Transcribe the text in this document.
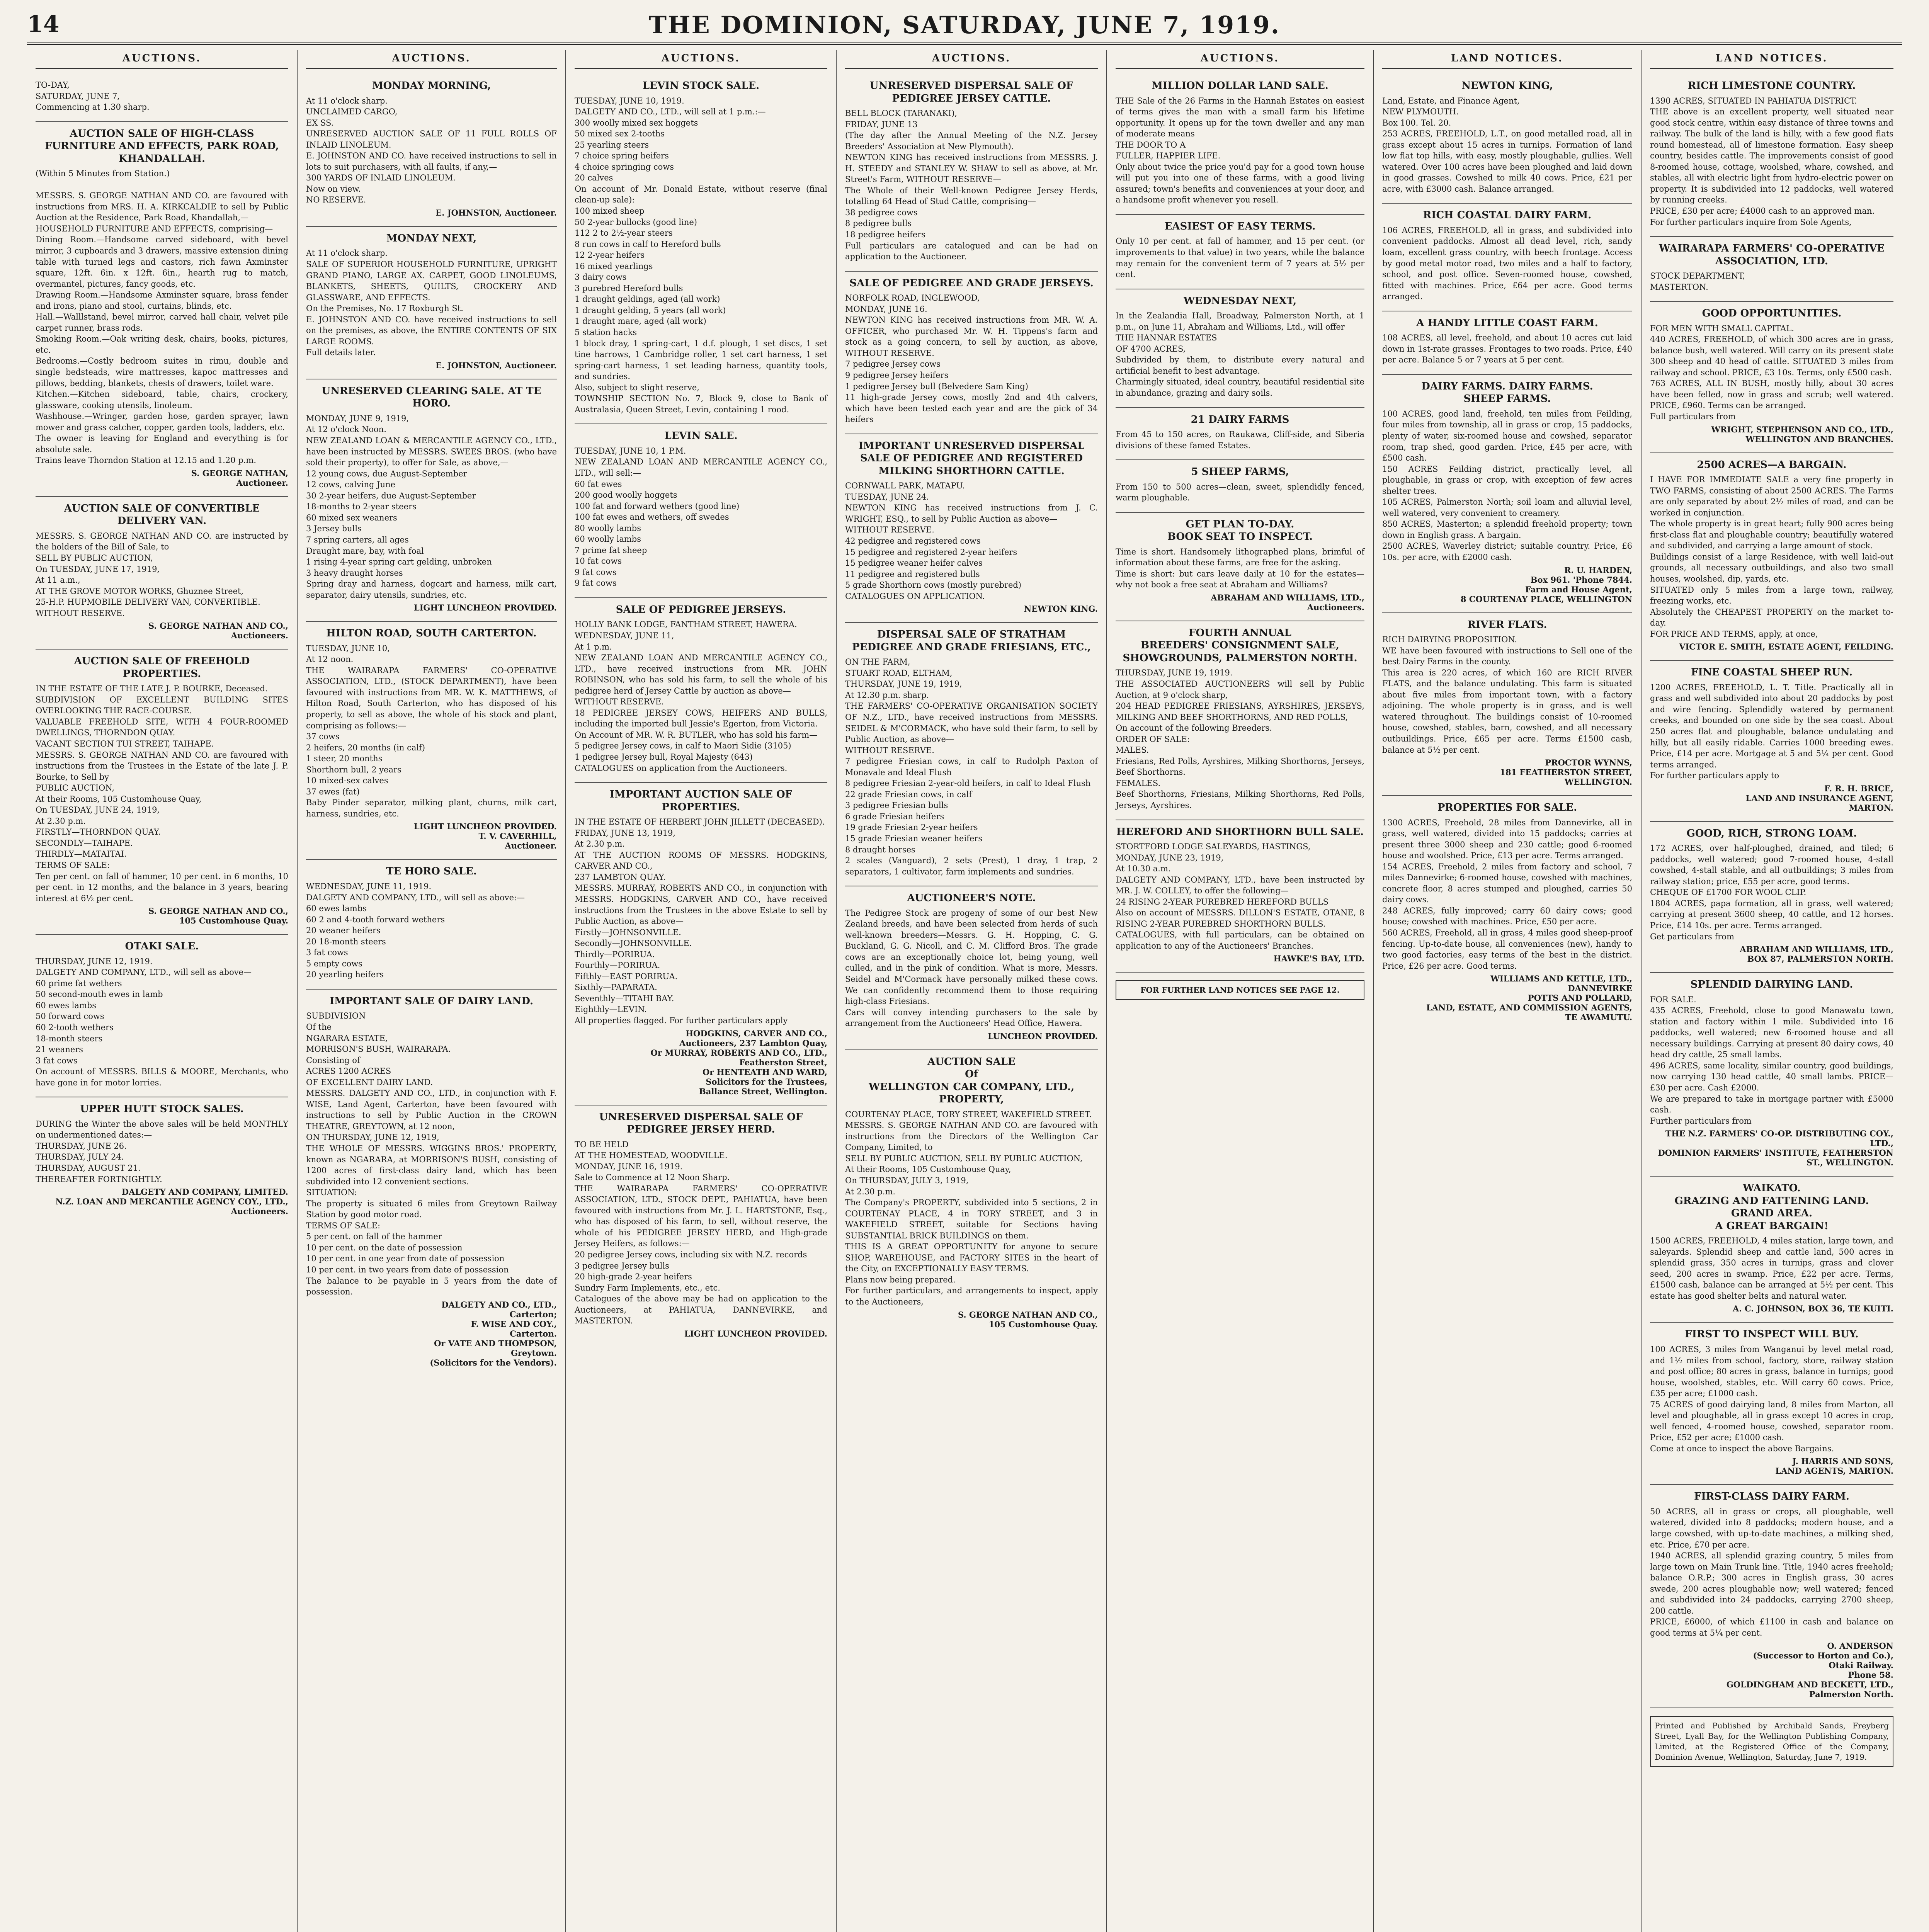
14	THE DOMINION, SATURDAY, JUNE 7, 1919.
AUCTIONS.

TO-DAY,
SATURDAY, JUNE 7,
Commencing at 1.30 sharp.

AUCTION SALE OF HIGH-CLASS FURNITURE AND EFFECTS, PARK ROAD, KHANDALLAH.

(Within 5 Minutes from Station.)

MESSRS. S. GEORGE NATHAN AND CO. are favoured with instructions from MRS. H. A. KIRKCALDIE to sell by Public Auction at the Residence, Park Road, Khandallah,—
HOUSEHOLD FURNITURE AND EFFECTS, comprising—
Dining Room.—Handsome carved sideboard, with bevel mirror, 3 cupboards and 3 drawers, massive extension dining table with turned legs and castors, rich fawn Axminster square, 12ft. 6in. x 12ft. 6in., hearth rug to match, overmantel, pictures, fancy goods, etc.
Drawing Room.—Handsome Axminster square, brass fender and irons, piano and stool, curtains, blinds, etc.
Hall.—Walllstand, bevel mirror, carved hall chair, velvet pile carpet runner, brass rods.
Smoking Room.—Oak writing desk, chairs, books, pictures, etc.
Bedrooms.—Costly bedroom suites in rimu, double and single bedsteads, wire mattresses, kapoc mattresses and pillows, bedding, blankets, chests of drawers, toilet ware.
Kitchen.—Kitchen sideboard, table, chairs, crockery, glassware, cooking utensils, linoleum.
Washhouse.—Wringer, garden hose, garden sprayer, lawn mower and grass catcher, copper, garden tools, ladders, etc.
The owner is leaving for England and everything is for absolute sale.
Trains leave Thorndon Station at 12.15 and 1.20 p.m.

S. GEORGE NATHAN,
Auctioneer.
AUCTION SALE OF CONVERTIBLE DELIVERY VAN.

MESSRS. S. GEORGE NATHAN AND CO. are instructed by the holders of the Bill of Sale, to
SELL BY PUBLIC AUCTION,
On TUESDAY, JUNE 17, 1919,
At 11 a.m.,
AT THE GROVE MOTOR WORKS, Ghuznee Street,
25-H.P. HUPMOBILE DELIVERY VAN, CONVERTIBLE.
WITHOUT RESERVE.

S. GEORGE NATHAN AND CO.,
Auctioneers.
AUCTION SALE OF FREEHOLD PROPERTIES.

IN THE ESTATE OF THE LATE J. P. BOURKE, Deceased.
SUBDIVISION OF EXCELLENT BUILDING SITES OVERLOOKING THE RACE-COURSE.
VALUABLE FREEHOLD SITE, WITH 4 FOUR-ROOMED DWELLINGS, THORNDON QUAY.
VACANT SECTION TUI STREET, TAIHAPE.
MESSRS. S. GEORGE NATHAN AND CO. are favoured with instructions from the Trustees in the Estate of the late J. P. Bourke, to Sell by
PUBLIC AUCTION,
At their Rooms, 105 Customhouse Quay,
On TUESDAY, JUNE 24, 1919,
At 2.30 p.m.
FIRSTLY—THORNDON QUAY.
SECONDLY—TAIHAPE.
THIRDLY—MATAITAI.
TERMS OF SALE:
Ten per cent. on fall of hammer, 10 per cent. in 6 months, 10 per cent. in 12 months, and the balance in 3 years, bearing interest at 6½ per cent.

S. GEORGE NATHAN AND CO.,
105 Customhouse Quay.
OTAKI SALE.

THURSDAY, JUNE 12, 1919.
DALGETY AND COMPANY, LTD., will sell as above—
60 prime fat wethers
50 second-mouth ewes in lamb
60 ewes lambs
50 forward cows
60 2-tooth wethers
18-month steers
21 weaners
3 fat cows
On account of MESSRS. BILLS & MOORE, Merchants, who have gone in for motor lorries.

UPPER HUTT STOCK SALES.

DURING the Winter the above sales will be held MONTHLY on undermentioned dates:—
THURSDAY, JUNE 26.
THURSDAY, JULY 24.
THURSDAY, AUGUST 21.
THEREAFTER FORTNIGHTLY.

DALGETY AND COMPANY, LIMITED.
N.Z. LOAN AND MERCANTILE AGENCY COY., LTD.,
Auctioneers.
AUCTIONS.
MONDAY MORNING,

At 11 o'clock sharp.
UNCLAIMED CARGO,
EX SS.
UNRESERVED AUCTION SALE OF 11 FULL ROLLS OF INLAID LINOLEUM.
E. JOHNSTON AND CO. have received instructions to sell in lots to suit purchasers, with all faults, if any,—
300 YARDS OF INLAID LINOLEUM.
Now on view.
NO RESERVE.

E. JOHNSTON, Auctioneer.
MONDAY NEXT,

At 11 o'clock sharp.
SALE OF SUPERIOR HOUSEHOLD FURNITURE, UPRIGHT GRAND PIANO, LARGE AX. CARPET, GOOD LINOLEUMS, BLANKETS, SHEETS, QUILTS, CROCKERY AND GLASSWARE, AND EFFECTS.
On the Premises, No. 17 Roxburgh St.
E. JOHNSTON AND CO. have received instructions to sell on the premises, as above, the ENTIRE CONTENTS OF SIX LARGE ROOMS.
Full details later.

E. JOHNSTON, Auctioneer.
UNRESERVED CLEARING SALE. AT TE HORO.

MONDAY, JUNE 9, 1919,
At 12 o'clock Noon.
NEW ZEALAND LOAN & MERCANTILE AGENCY CO., LTD., have been instructed by MESSRS. SWEES BROS. (who have sold their property), to offer for Sale, as above,—
12 young cows, due August-September
12 cows, calving June
30 2-year heifers, due August-September
18-months to 2-year steers
60 mixed sex weaners
3 Jersey bulls
7 spring carters, all ages
Draught mare, bay, with foal
1 rising 4-year spring cart gelding, unbroken
3 heavy draught horses
Spring dray and harness, dogcart and harness, milk cart, separator, dairy utensils, sundries, etc.

LIGHT LUNCHEON PROVIDED.
HILTON ROAD, SOUTH CARTERTON.

TUESDAY, JUNE 10,
At 12 noon.
THE WAIRARAPA FARMERS' CO-OPERATIVE ASSOCIATION, LTD., (STOCK DEPARTMENT), have been favoured with instructions from MR. W. K. MATTHEWS, of Hilton Road, South Carterton, who has disposed of his property, to sell as above, the whole of his stock and plant, comprising as follows:—
37 cows
2 heifers, 20 months (in calf)
1 steer, 20 months
Shorthorn bull, 2 years
10 mixed-sex calves
37 ewes (fat)
Baby Pinder separator, milking plant, churns, milk cart, harness, sundries, etc.

LIGHT LUNCHEON PROVIDED.
T. V. CAVERHILL,
Auctioneer.
TE HORO SALE.

WEDNESDAY, JUNE 11, 1919.
DALGETY AND COMPANY, LTD., will sell as above:—
60 ewes lambs
60 2 and 4-tooth forward wethers
20 weaner heifers
20 18-month steers
3 fat cows
5 empty cows
20 yearling heifers

IMPORTANT SALE OF DAIRY LAND.

SUBDIVISION
Of the
NGARARA ESTATE,
MORRISON'S BUSH, WAIRARAPA.
Consisting of
ACRES 1200 ACRES
OF EXCELLENT DAIRY LAND.
MESSRS. DALGETY AND CO., LTD., in conjunction with F. WISE, Land Agent, Carterton, have been favoured with instructions to sell by Public Auction in the CROWN THEATRE, GREYTOWN, at 12 noon,
ON THURSDAY, JUNE 12, 1919,
THE WHOLE OF MESSRS. WIGGINS BROS.' PROPERTY, known as NGARARA, at MORRISON'S BUSH, consisting of 1200 acres of first-class dairy land, which has been subdivided into 12 convenient sections.
SITUATION:
The property is situated 6 miles from Greytown Railway Station by good motor road.
TERMS OF SALE:
5 per cent. on fall of the hammer
10 per cent. on the date of possession
10 per cent. in one year from date of possession
10 per cent. in two years from date of possession
The balance to be payable in 5 years from the date of possession.

DALGETY AND CO., LTD.,
Carterton;
F. WISE AND COY.,
Carterton.
Or VATE AND THOMPSON,
Greytown.
(Solicitors for the Vendors).
AUCTIONS.
LEVIN STOCK SALE.

TUESDAY, JUNE 10, 1919.
DALGETY AND CO., LTD., will sell at 1 p.m.:—
300 woolly mixed sex hoggets
50 mixed sex 2-tooths
25 yearling steers
7 choice spring heifers
4 choice springing cows
20 calves
On account of Mr. Donald Estate, without reserve (final clean-up sale):
100 mixed sheep
50 2-year bullocks (good line)
112 2 to 2½-year steers
8 run cows in calf to Hereford bulls
12 2-year heifers
16 mixed yearlings
3 dairy cows
3 purebred Hereford bulls
1 draught geldings, aged (all work)
1 draught gelding, 5 years (all work)
1 draught mare, aged (all work)
5 station hacks
1 block dray, 1 spring-cart, 1 d.f. plough, 1 set discs, 1 set tine harrows, 1 Cambridge roller, 1 set cart harness, 1 set spring-cart harness, 1 set leading harness, quantity tools, and sundries.
Also, subject to slight reserve,
TOWNSHIP SECTION No. 7, Block 9, close to Bank of Australasia, Queen Street, Levin, containing 1 rood.

LEVIN SALE.

TUESDAY, JUNE 10, 1 P.M.
NEW ZEALAND LOAN AND MERCANTILE AGENCY CO., LTD., will sell:—
60 fat ewes
200 good woolly hoggets
100 fat and forward wethers (good line)
100 fat ewes and wethers, off swedes
80 woolly lambs
60 woolly lambs
7 prime fat sheep
10 fat cows
9 fat cows
9 fat cows

SALE OF PEDIGREE JERSEYS.

HOLLY BANK LODGE, FANTHAM STREET, HAWERA.
WEDNESDAY, JUNE 11,
At 1 p.m.
NEW ZEALAND LOAN AND MERCANTILE AGENCY CO., LTD., have received instructions from MR. JOHN ROBINSON, who has sold his farm, to sell the whole of his pedigree herd of Jersey Cattle by auction as above—
WITHOUT RESERVE.
18 PEDIGREE JERSEY COWS, HEIFERS AND BULLS, including the imported bull Jessie's Egerton, from Victoria.
On Account of MR. W. R. BUTLER, who has sold his farm—
5 pedigree Jersey cows, in calf to Maori Sidie (3105)
1 pedigree Jersey bull, Royal Majesty (643)
CATALOGUES on application from the Auctioneers.

IMPORTANT AUCTION SALE OF PROPERTIES.

IN THE ESTATE OF HERBERT JOHN JILLETT (DECEASED).
FRIDAY, JUNE 13, 1919,
At 2.30 p.m.
AT THE AUCTION ROOMS OF MESSRS. HODGKINS, CARVER AND CO.,
237 LAMBTON QUAY.
MESSRS. MURRAY, ROBERTS AND CO., in conjunction with MESSRS. HODGKINS, CARVER AND CO., have received instructions from the Trustees in the above Estate to sell by Public Auction, as above—
Firstly—JOHNSONVILLE.
Secondly—JOHNSONVILLE.
Thirdly—PORIRUA.
Fourthly—PORIRUA.
Fifthly—EAST PORIRUA.
Sixthly—PAPARATA.
Seventhly—TITAHI BAY.
Eighthly—LEVIN.
All properties flagged. For further particulars apply

HODGKINS, CARVER AND CO.,
Auctioneers, 237 Lambton Quay,
Or MURRAY, ROBERTS AND CO., LTD.,
Featherston Street,
Or HENTEATH AND WARD,
Solicitors for the Trustees,
Ballance Street, Wellington.
UNRESERVED DISPERSAL SALE OF PEDIGREE JERSEY HERD.

TO BE HELD
AT THE HOMESTEAD, WOODVILLE.
MONDAY, JUNE 16, 1919.
Sale to Commence at 12 Noon Sharp.
THE WAIRARAPA FARMERS' CO-OPERATIVE ASSOCIATION, LTD., STOCK DEPT., PAHIATUA, have been favoured with instructions from Mr. J. L. HARTSTONE, Esq., who has disposed of his farm, to sell, without reserve, the whole of his PEDIGREE JERSEY HERD, and High-grade Jersey Heifers, as follows:—
20 pedigree Jersey cows, including six with N.Z. records
3 pedigree Jersey bulls
20 high-grade 2-year heifers
Sundry Farm Implements, etc., etc.
Catalogues of the above may be had on application to the Auctioneers, at PAHIATUA, DANNEVIRKE, and MASTERTON.

LIGHT LUNCHEON PROVIDED.
AUCTIONS.
UNRESERVED DISPERSAL SALE OF PEDIGREE JERSEY CATTLE.

BELL BLOCK (TARANAKI),
FRIDAY, JUNE 13
(The day after the Annual Meeting of the N.Z. Jersey Breeders' Association at New Plymouth).
NEWTON KING has received instructions from MESSRS. J. H. STEEDY and STANLEY W. SHAW to sell as above, at Mr. Street's Farm, WITHOUT RESERVE—
The Whole of their Well-known Pedigree Jersey Herds, totalling 64 Head of Stud Cattle, comprising—
38 pedigree cows
8 pedigree bulls
18 pedigree heifers
Full particulars are catalogued and can be had on application to the Auctioneer.

SALE OF PEDIGREE AND GRADE JERSEYS.

NORFOLK ROAD, INGLEWOOD,
MONDAY, JUNE 16.
NEWTON KING has received instructions from MR. W. A. OFFICER, who purchased Mr. W. H. Tippens's farm and stock as a going concern, to sell by auction, as above, WITHOUT RESERVE.
7 pedigree Jersey cows
9 pedigree Jersey heifers
1 pedigree Jersey bull (Belvedere Sam King)
11 high-grade Jersey cows, mostly 2nd and 4th calvers, which have been tested each year and are the pick of 34 heifers

IMPORTANT UNRESERVED DISPERSAL SALE OF PEDIGREE AND REGISTERED MILKING SHORTHORN CATTLE.

CORNWALL PARK, MATAPU.
TUESDAY, JUNE 24.
NEWTON KING has received instructions from J. C. WRIGHT, ESQ., to sell by Public Auction as above—
WITHOUT RESERVE.
42 pedigree and registered cows
15 pedigree and registered 2-year heifers
15 pedigree weaner heifer calves
11 pedigree and registered bulls
5 grade Shorthorn cows (mostly purebred)
CATALOGUES ON APPLICATION.

NEWTON KING.
DISPERSAL SALE OF STRATHAM PEDIGREE AND GRADE FRIESIANS, ETC.,

ON THE FARM,
STUART ROAD, ELTHAM,
THURSDAY, JUNE 19, 1919,
At 12.30 p.m. sharp.
THE FARMERS' CO-OPERATIVE ORGANISATION SOCIETY OF N.Z., LTD., have received instructions from MESSRS. SEIDEL & M'CORMACK, who have sold their farm, to sell by Public Auction, as above—
WITHOUT RESERVE.
7 pedigree Friesian cows, in calf to Rudolph Paxton of Monavale and Ideal Flush
8 pedigree Friesian 2-year-old heifers, in calf to Ideal Flush
22 grade Friesian cows, in calf
3 pedigree Friesian bulls
6 grade Friesian heifers
19 grade Friesian 2-year heifers
15 grade Friesian weaner heifers
8 draught horses
2 scales (Vanguard), 2 sets (Prest), 1 dray, 1 trap, 2 separators, 1 cultivator, farm implements and sundries.

AUCTIONEER'S NOTE.

The Pedigree Stock are progeny of some of our best New Zealand breeds, and have been selected from herds of such well-known breeders—Messrs. G. H. Hopping, C. G. Buckland, G. G. Nicoll, and C. M. Clifford Bros. The grade cows are an exceptionally choice lot, being young, well culled, and in the pink of condition. What is more, Messrs. Seidel and M'Cormack have personally milked these cows. We can confidently recommend them to those requiring high-class Friesians.
Cars will convey intending purchasers to the sale by arrangement from the Auctioneers' Head Office, Hawera.

LUNCHEON PROVIDED.
AUCTION SALE
Of
WELLINGTON CAR COMPANY, LTD., PROPERTY,

COURTENAY PLACE, TORY STREET, WAKEFIELD STREET.
MESSRS. S. GEORGE NATHAN AND CO. are favoured with instructions from the Directors of the Wellington Car Company, Limited, to
SELL BY PUBLIC AUCTION, SELL BY PUBLIC AUCTION,
At their Rooms, 105 Customhouse Quay,
On THURSDAY, JULY 3, 1919,
At 2.30 p.m.
The Company's PROPERTY, subdivided into 5 sections, 2 in COURTENAY PLACE, 4 in TORY STREET, and 3 in WAKEFIELD STREET, suitable for Sections having SUBSTANTIAL BRICK BUILDINGS on them.
THIS IS A GREAT OPPORTUNITY for anyone to secure SHOP, WAREHOUSE, and FACTORY SITES in the heart of the City, on EXCEPTIONALLY EASY TERMS.
Plans now being prepared.
For further particulars, and arrangements to inspect, apply to the Auctioneers,

S. GEORGE NATHAN AND CO.,
105 Customhouse Quay.
AUCTIONS.
MILLION DOLLAR LAND SALE.

THE Sale of the 26 Farms in the Hannah Estates on easiest of terms gives the man with a small farm his lifetime opportunity. It opens up for the town dweller and any man of moderate means
THE DOOR TO A
FULLER, HAPPIER LIFE.
Only about twice the price you'd pay for a good town house will put you into one of these farms, with a good living assured; town's benefits and conveniences at your door, and a handsome profit whenever you resell.

EASIEST OF EASY TERMS.

Only 10 per cent. at fall of hammer, and 15 per cent. (or improvements to that value) in two years, while the balance may remain for the convenient term of 7 years at 5½ per cent.

WEDNESDAY NEXT,

In the Zealandia Hall, Broadway, Palmerston North, at 1 p.m., on June 11, Abraham and Williams, Ltd., will offer
THE HANNAR ESTATES
OF 4700 ACRES,
Subdivided by them, to distribute every natural and artificial benefit to best advantage.
Charmingly situated, ideal country, beautiful residential site in abundance, grazing and dairy soils.

21 DAIRY FARMS

From 45 to 150 acres, on Raukawa, Cliff-side, and Siberia divisions of these famed Estates.

5 SHEEP FARMS,

From 150 to 500 acres—clean, sweet, splendidly fenced, warm ploughable.

GET PLAN TO-DAY.
BOOK SEAT TO INSPECT.

Time is short. Handsomely lithographed plans, brimful of information about these farms, are free for the asking.
Time is short: but cars leave daily at 10 for the estates—why not book a free seat at Abraham and Williams?

ABRAHAM AND WILLIAMS, LTD.,
Auctioneers.
FOURTH ANNUAL
BREEDERS' CONSIGNMENT SALE, SHOWGROUNDS, PALMERSTON NORTH.

THURSDAY, JUNE 19, 1919.
THE ASSOCIATED AUCTIONEERS will sell by Public Auction, at 9 o'clock sharp,
204 HEAD PEDIGREE FRIESIANS, AYRSHIRES, JERSEYS, MILKING AND BEEF SHORTHORNS, AND RED POLLS,
On account of the following Breeders.
ORDER OF SALE:
MALES.
Friesians, Red Polls, Ayrshires, Milking Shorthorns, Jerseys, Beef Shorthorns.
FEMALES.
Beef Shorthorns, Friesians, Milking Shorthorns, Red Polls, Jerseys, Ayrshires.

HEREFORD AND SHORTHORN BULL SALE.

STORTFORD LODGE SALEYARDS, HASTINGS,
MONDAY, JUNE 23, 1919,
At 10.30 a.m.
DALGETY AND COMPANY, LTD., have been instructed by MR. J. W. COLLEY, to offer the following—
24 RISING 2-YEAR PUREBRED HEREFORD BULLS
Also on account of MESSRS. DILLON'S ESTATE, OTANE, 8 RISING 2-YEAR PUREBRED SHORTHORN BULLS.
CATALOGUES, with full particulars, can be obtained on application to any of the Auctioneers' Branches.

HAWKE'S BAY, LTD.
FOR FURTHER LAND NOTICES SEE PAGE 12.
LAND NOTICES.
NEWTON KING,

Land, Estate, and Finance Agent,
NEW PLYMOUTH.
Box 100. Tel. 20.
253 ACRES, FREEHOLD, L.T., on good metalled road, all in grass except about 15 acres in turnips. Formation of land low flat top hills, with easy, mostly ploughable, gullies. Well watered. Over 100 acres have been ploughed and laid down in good grasses. Cowshed to milk 40 cows. Price, £21 per acre, with £3000 cash. Balance arranged.

RICH COASTAL DAIRY FARM.

106 ACRES, FREEHOLD, all in grass, and subdivided into convenient paddocks. Almost all dead level, rich, sandy loam, excellent grass country, with beech frontage. Access by good metal motor road, two miles and a half to factory, school, and post office. Seven-roomed house, cowshed, fitted with machines. Price, £64 per acre. Good terms arranged.

A HANDY LITTLE COAST FARM.

108 ACRES, all level, freehold, and about 10 acres cut laid down in 1st-rate grasses. Frontages to two roads. Price, £40 per acre. Balance 5 or 7 years at 5 per cent.

DAIRY FARMS. DAIRY FARMS.
SHEEP FARMS.

100 ACRES, good land, freehold, ten miles from Feilding, four miles from township, all in grass or crop, 15 paddocks, plenty of water, six-roomed house and cowshed, separator room, trap shed, good garden. Price, £45 per acre, with £500 cash.
150 ACRES Feilding district, practically level, all ploughable, in grass or crop, with exception of few acres shelter trees.
105 ACRES, Palmerston North; soil loam and alluvial level, well watered, very convenient to creamery.
850 ACRES, Masterton; a splendid freehold property; town down in English grass. A bargain.
2500 ACRES, Waverley district; suitable country. Price, £6 10s. per acre, with £2000 cash.

R. U. HARDEN,
Box 961. 'Phone 7844.
Farm and House Agent,
8 COURTENAY PLACE, WELLINGTON
RIVER FLATS.

RICH DAIRYING PROPOSITION.
WE have been favoured with instructions to Sell one of the best Dairy Farms in the county.
This area is 220 acres, of which 160 are RICH RIVER FLATS, and the balance undulating. This farm is situated about five miles from important town, with a factory adjoining. The whole property is in grass, and is well watered throughout. The buildings consist of 10-roomed house, cowshed, stables, barn, cowshed, and all necessary outbuildings. Price, £65 per acre. Terms £1500 cash, balance at 5½ per cent.

PROCTOR WYNNS,
181 FEATHERSTON STREET,
WELLINGTON.
PROPERTIES FOR SALE.

1300 ACRES, Freehold, 28 miles from Dannevirke, all in grass, well watered, divided into 15 paddocks; carries at present three 3000 sheep and 230 cattle; good 6-roomed house and woolshed. Price, £13 per acre. Terms arranged.
154 ACRES, Freehold, 2 miles from factory and school, 7 miles Dannevirke; 6-roomed house, cowshed with machines, concrete floor, 8 acres stumped and ploughed, carries 50 dairy cows.
248 ACRES, fully improved; carry 60 dairy cows; good house; cowshed with machines. Price, £50 per acre.
560 ACRES, Freehold, all in grass, 4 miles good sheep-proof fencing. Up-to-date house, all conveniences (new), handy to two good factories, easy terms of the best in the district. Price, £26 per acre. Good terms.

WILLIAMS AND KETTLE, LTD.,
DANNEVIRKE
POTTS AND POLLARD,
LAND, ESTATE, AND COMMISSION AGENTS,
TE AWAMUTU.
LAND NOTICES.
RICH LIMESTONE COUNTRY.

1390 ACRES, SITUATED IN PAHIATUA DISTRICT.
THE above is an excellent property, well situated near good stock centre, within easy distance of three towns and railway. The bulk of the land is hilly, with a few good flats round homestead, all of limestone formation. Easy sheep country, besides cattle. The improvements consist of good 8-roomed house, cottage, woolshed, whare, cowshed, and stables, all with electric light from hydro-electric power on property. It is subdivided into 12 paddocks, well watered by running creeks.
PRICE, £30 per acre; £4000 cash to an approved man.
For further particulars inquire from Sole Agents,

WAIRARAPA FARMERS' CO-OPERATIVE ASSOCIATION, LTD.

STOCK DEPARTMENT,
MASTERTON.

GOOD OPPORTUNITIES.

FOR MEN WITH SMALL CAPITAL.
440 ACRES, FREEHOLD, of which 300 acres are in grass, balance bush, well watered. Will carry on its present state 300 sheep and 40 head of cattle. SITUATED 3 miles from railway and school. PRICE, £3 10s. Terms, only £500 cash.
763 ACRES, ALL IN BUSH, mostly hilly, about 30 acres have been felled, now in grass and scrub; well watered. PRICE, £960. Terms can be arranged.
Full particulars from

WRIGHT, STEPHENSON AND CO., LTD.,
WELLINGTON AND BRANCHES.
2500 ACRES—A BARGAIN.

I HAVE FOR IMMEDIATE SALE a very fine property in TWO FARMS, consisting of about 2500 ACRES. The Farms are only separated by about 2½ miles of road, and can be worked in conjunction.
The whole property is in great heart; fully 900 acres being first-class flat and ploughable country; beautifully watered and subdivided, and carrying a large amount of stock.
Buildings consist of a large Residence, with well laid-out grounds, all necessary outbuildings, and also two small houses, woolshed, dip, yards, etc.
SITUATED only 5 miles from a large town, railway, freezing works, etc.
Absolutely the CHEAPEST PROPERTY on the market to-day.
FOR PRICE AND TERMS, apply, at once,

VICTOR E. SMITH, ESTATE AGENT, FEILDING.
FINE COASTAL SHEEP RUN.

1200 ACRES, FREEHOLD, L. T. Title. Practically all in grass and well subdivided into about 20 paddocks by post and wire fencing. Splendidly watered by permanent creeks, and bounded on one side by the sea coast. About 250 acres flat and ploughable, balance undulating and hilly, but all easily ridable. Carries 1000 breeding ewes. Price, £14 per acre. Mortgage at 5 and 5¼ per cent. Good terms arranged.
For further particulars apply to

F. R. H. BRICE,
LAND AND INSURANCE AGENT,
MARTON.
GOOD, RICH, STRONG LOAM.

172 ACRES, over half-ploughed, drained, and tiled; 6 paddocks, well watered; good 7-roomed house, 4-stall cowshed, 4-stall stable, and all outbuildings; 3 miles from railway station; price, £55 per acre, good terms.
CHEQUE OF £1700 FOR WOOL CLIP.
1804 ACRES, papa formation, all in grass, well watered; carrying at present 3600 sheep, 40 cattle, and 12 horses. Price, £14 10s. per acre. Terms arranged.
Get particulars from

ABRAHAM AND WILLIAMS, LTD.,
BOX 87, PALMERSTON NORTH.
SPLENDID DAIRYING LAND.

FOR SALE.
435 ACRES, Freehold, close to good Manawatu town, station and factory within 1 mile. Subdivided into 16 paddocks, well watered; new 6-roomed house and all necessary buildings. Carrying at present 80 dairy cows, 40 head dry cattle, 25 small lambs.
496 ACRES, same locality, similar country, good buildings, now carrying 130 head cattle, 40 small lambs. PRICE—£30 per acre. Cash £2000.
We are prepared to take in mortgage partner with £5000 cash.
Further particulars from

THE N.Z. FARMERS' CO-OP. DISTRIBUTING COY., LTD.,
DOMINION FARMERS' INSTITUTE, FEATHERSTON ST., WELLINGTON.
WAIKATO.
GRAZING AND FATTENING LAND.
GRAND AREA.
A GREAT BARGAIN!

1500 ACRES, FREEHOLD, 4 miles station, large town, and saleyards. Splendid sheep and cattle land, 500 acres in splendid grass, 350 acres in turnips, grass and clover seed, 200 acres in swamp. Price, £22 per acre. Terms, £1500 cash, balance can be arranged at 5½ per cent. This estate has good shelter belts and natural water.

A. C. JOHNSON, BOX 36, TE KUITI.
FIRST TO INSPECT WILL BUY.

100 ACRES, 3 miles from Wanganui by level metal road, and 1½ miles from school, factory, store, railway station and post office; 80 acres in grass, balance in turnips; good house, woolshed, stables, etc. Will carry 60 cows. Price, £35 per acre; £1000 cash.
75 ACRES of good dairying land, 8 miles from Marton, all level and ploughable, all in grass except 10 acres in crop, well fenced, 4-roomed house, cowshed, separator room. Price, £52 per acre; £1000 cash.
Come at once to inspect the above Bargains.

J. HARRIS AND SONS,
LAND AGENTS, MARTON.
FIRST-CLASS DAIRY FARM.

50 ACRES, all in grass or crops, all ploughable, well watered, divided into 8 paddocks; modern house, and a large cowshed, with up-to-date machines, a milking shed, etc. Price, £70 per acre.
1940 ACRES, all splendid grazing country, 5 miles from large town on Main Trunk line. Title, 1940 acres freehold; balance O.R.P.; 300 acres in English grass, 30 acres swede, 200 acres ploughable now; well watered; fenced and subdivided into 24 paddocks, carrying 2700 sheep, 200 cattle.
PRICE, £6000, of which £1100 in cash and balance on good terms at 5¼ per cent.

O. ANDERSON
(Successor to Horton and Co.),
Otaki Railway.
Phone 58.
GOLDINGHAM AND BECKETT, LTD.,
Palmerston North.
Printed and Published by Archibald Sands, Freyberg Street, Lyall Bay, for the Wellington Publishing Company, Limited, at the Registered Office of the Company, Dominion Avenue, Wellington, Saturday, June 7, 1919.
